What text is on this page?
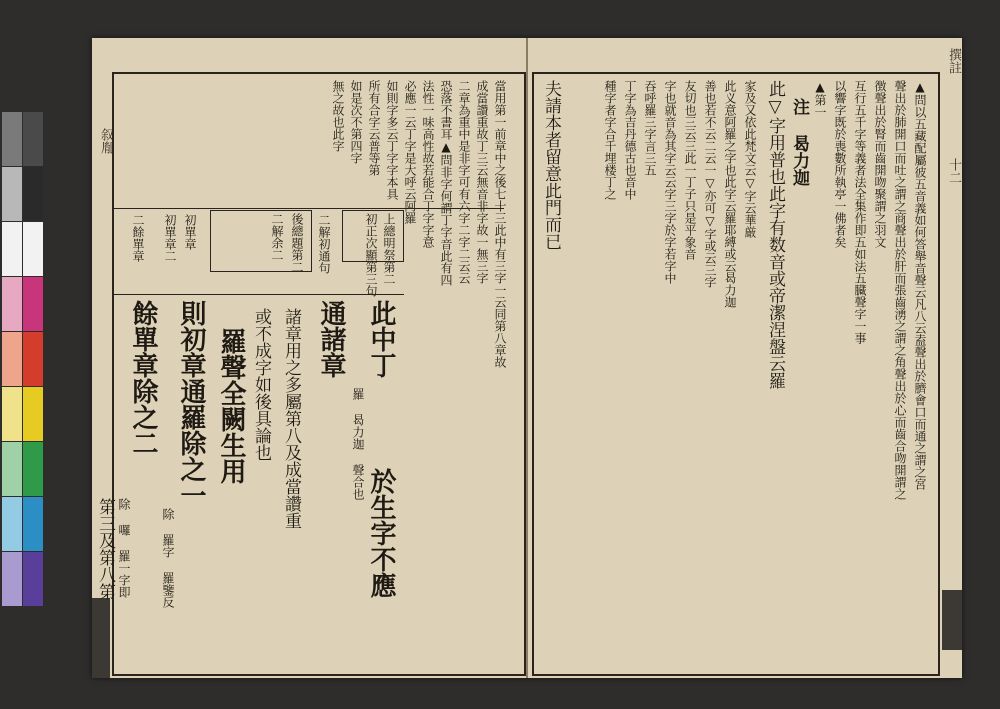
叙胤	當用第一前章中之後七十三此中有三字一云同第八章故
成當讚重故丁三云無音非字故一無三字
二章為重中是非字可有六字二字二云云
恐落不書耳▲問非字何謂丁字音此有四
法性一味高性故若能合丁字字意
必應一云丁字是大呼云阿羅
如則字多云丁字字本具
所有合字云普等第
如是次不第四字
無之故也此字
上總明祭第二
初正次顯第三句
二解初通句
後總題第二
二解余二
初單章
初單章二
二餘單章
此中丁
羅 曷力迦 聲合也
於生字不應
通諸章
諸章用之多屬第八及成當讚重
或不成字如後具論也
羅聲全闕生用
則初章通羅除之一
除 羅字 羅鑒反
餘單章除之二
除 囉 羅一字即
第三及第八第
撰註
十二
▲問以五藏配屬彼五音義如何答舉音聲云凡八云盍聲出於臍會口而通之謂之宮
聲出於肺開口而吐之謂之商聲出於肝而張齒湧之謂之角聲出於心而齒合吻開謂之
徴聲出於腎而齒開吻聚謂之羽文
互行五千字等義者法全集作即五如法五臓聲字一事
以響字既於喪數所執亭一佛者矣
▲第一
注 曷力迦
此▽字用普也此字有数音或帝潔涅盤云羅
家及又依此梵文云▽字云華厳
此义意阿羅之字也此字云羅耶縛或云曷力迦
善也若不云二云一▽亦可▽字或云三字
友切也三云三此一丁子只是平象音
字也就音為其字云云字三字於字若字中
吞呼羅三字言三五
丁字為吉丹德古也音中
種字者字合千埋楼丁之
夫請本者留意此門而已
